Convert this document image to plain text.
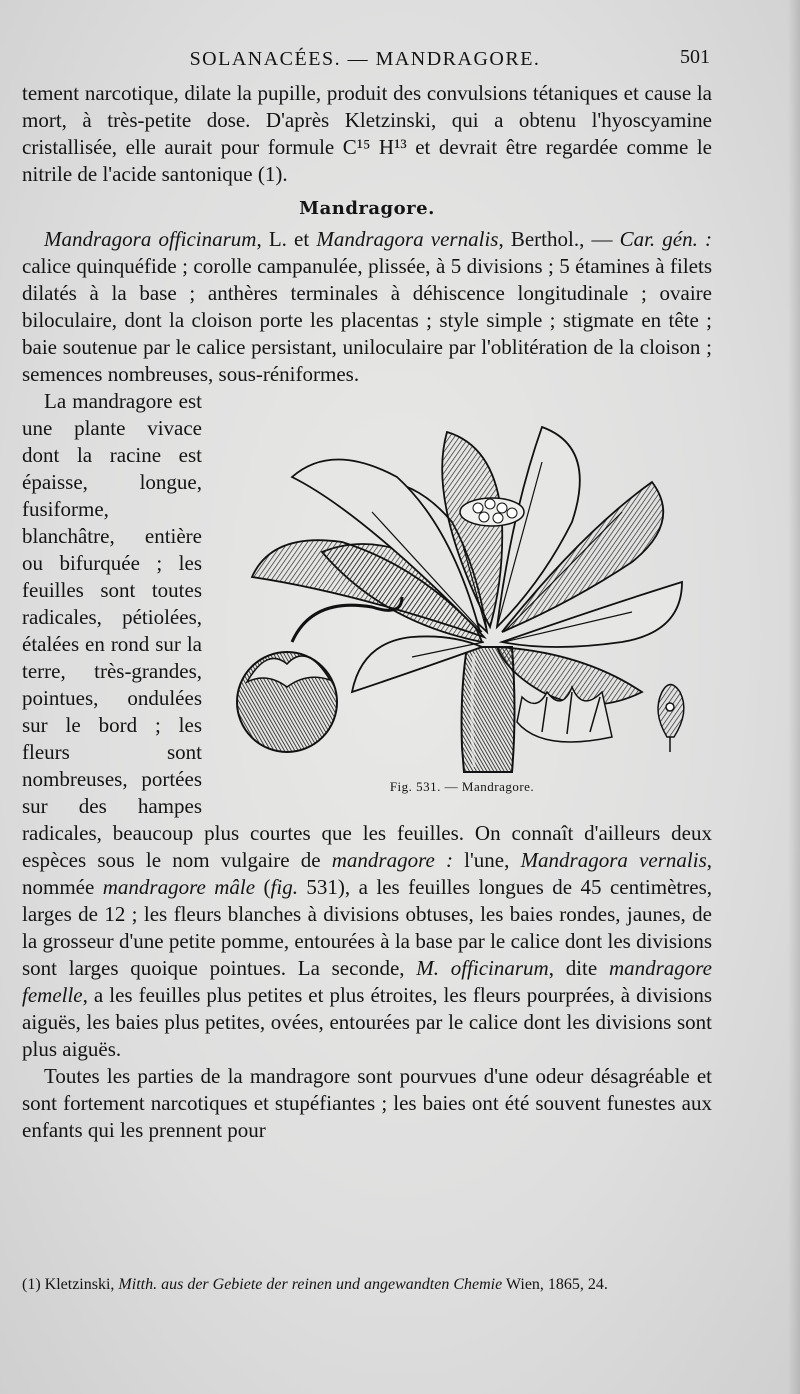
SOLANACÉES. — MANDRAGORE.	501

tement narcotique, dilate la pupille, produit des convulsions tétaniques et cause la mort, à très-petite dose. D'après Kletzinski, qui a obtenu l'hyoscyamine cristallisée, elle aurait pour formule C¹⁵ H¹³ et devrait être regardée comme le nitrile de l'acide santonique (1).

Mandragore.

Mandragora officinarum, L. et Mandragora vernalis, Berthol., — Car. gén. : calice quinquéfide ; corolle campanulée, plissée, à 5 divisions ; 5 étamines à filets dilatés à la base ; anthères terminales à déhiscence longitudinale ; ovaire biloculaire, dont la cloison porte les placentas ; style simple ; stigmate en tête ; baie soutenue par le calice persistant, uniloculaire par l'oblitération de la cloison ; semences nombreuses, sous-réniformes.

Fig. 531. — Mandragore.

La mandragore est une plante vivace dont la racine est épaisse, longue, fusiforme, blanchâtre, entière ou bifurquée ; les feuilles sont toutes radicales, pétiolées, étalées en rond sur la terre, très-grandes, pointues, ondulées sur le bord ; les fleurs sont nombreuses, portées sur des hampes radicales, beaucoup plus courtes que les feuilles. On connaît d'ailleurs deux espèces sous le nom vulgaire de mandragore : l'une, Mandragora vernalis, nommée mandragore mâle (fig. 531), a les feuilles longues de 45 centimètres, larges de 12 ; les fleurs blanches à divisions obtuses, les baies rondes, jaunes, de la grosseur d'une petite pomme, entourées à la base par le calice dont les divisions sont larges quoique pointues. La seconde, M. officinarum, dite mandragore femelle, a les feuilles plus petites et plus étroites, les fleurs pourprées, à divisions aiguës, les baies plus petites, ovées, entourées par le calice dont les divisions sont plus aiguës.

Toutes les parties de la mandragore sont pourvues d'une odeur désagréable et sont fortement narcotiques et stupéfiantes ; les baies ont été souvent funestes aux enfants qui les prennent pour

(1) Kletzinski, Mitth. aus der Gebiete der reinen und angewandten Chemie Wien, 1865, 24.
